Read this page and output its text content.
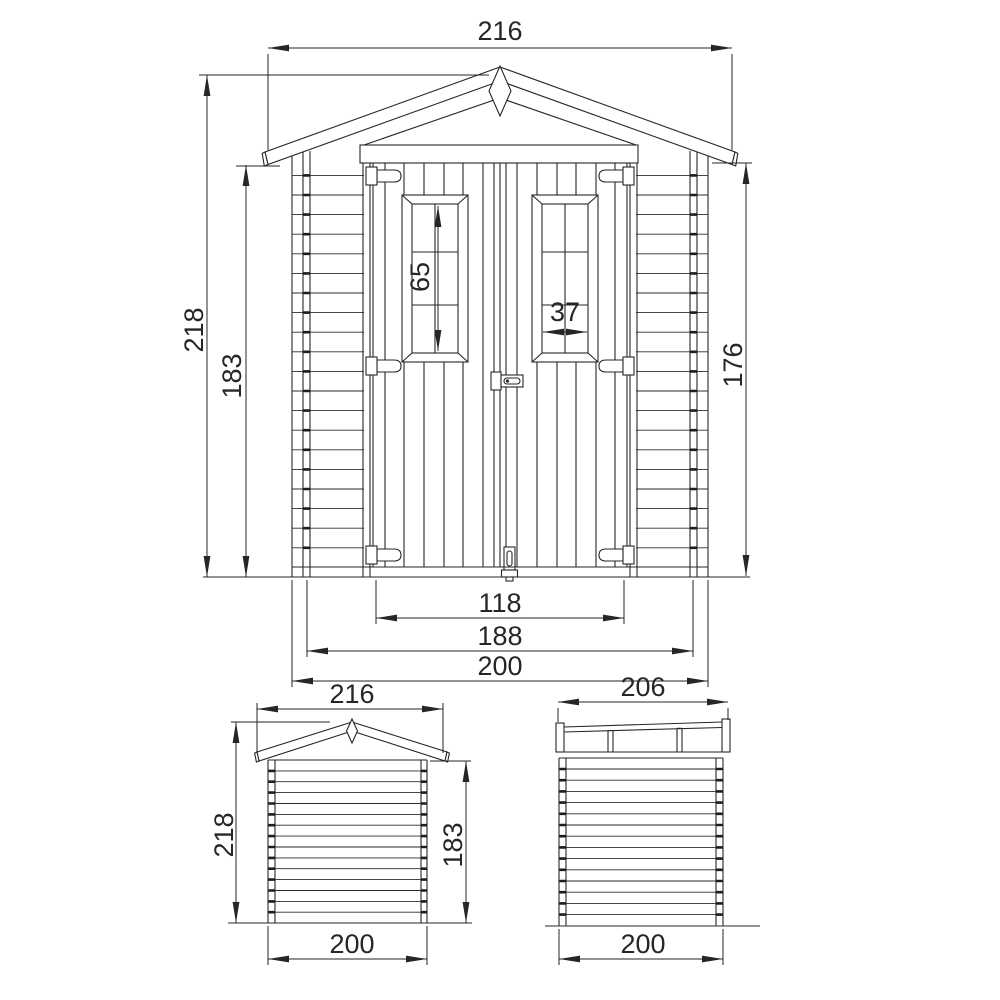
65
37
216
218
183	176
118
188
200
216
218	183
200
206
200
